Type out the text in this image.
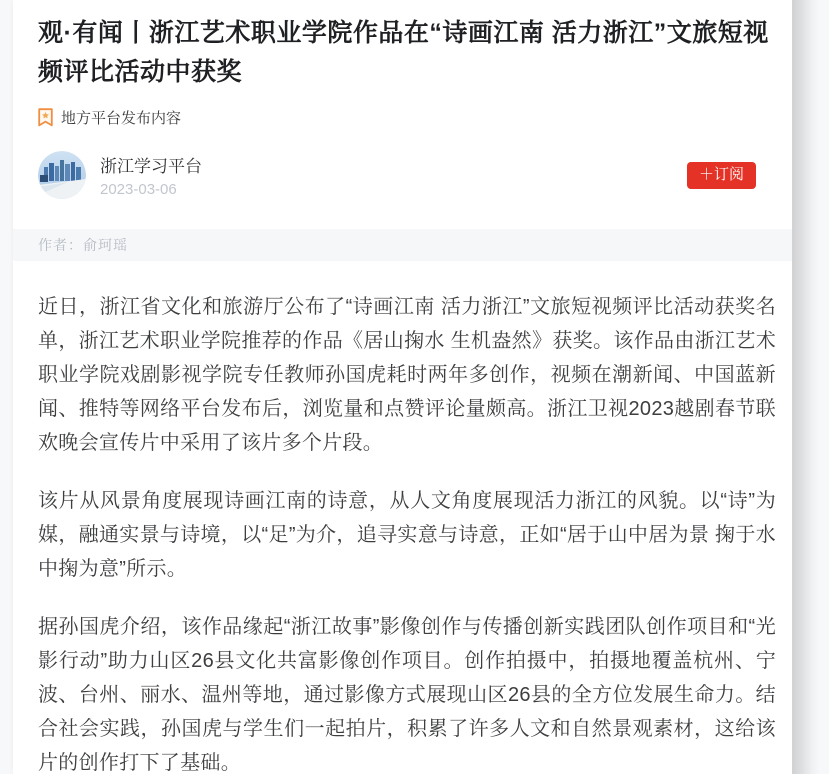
观·有闻丨浙江艺术职业学院作品在“诗画江南 活力浙江”文旅短视频评比活动中获奖
地方平台发布内容
浙江学习平台
2023-03-06
＋订阅
作者：俞珂瑶

近日，浙江省文化和旅游厅公布了“诗画江南 活力浙江”文旅短视频评比活动获奖名单，浙江艺术职业学院推荐的作品《居山掬水 生机盎然》获奖。该作品由浙江艺术职业学院戏剧影视学院专任教师孙国虎耗时两年多创作，视频在潮新闻、中国蓝新闻、推特等网络平台发布后，浏览量和点赞评论量颇高。浙江卫视2023越剧春节联欢晚会宣传片中采用了该片多个片段。

该片从风景角度展现诗画江南的诗意，从人文角度展现活力浙江的风貌。以“诗”为媒，融通实景与诗境，以“足”为介，追寻实意与诗意，正如“居于山中居为景 掬于水中掬为意”所示。

据孙国虎介绍，该作品缘起“浙江故事”影像创作与传播创新实践团队创作项目和“光影行动”助力山区26县文化共富影像创作项目。创作拍摄中，拍摄地覆盖杭州、宁波、台州、丽水、温州等地，通过影像方式展现山区26县的全方位发展生命力。结合社会实践，孙国虎与学生们一起拍片，积累了许多人文和自然景观素材，这给该片的创作打下了基础。
